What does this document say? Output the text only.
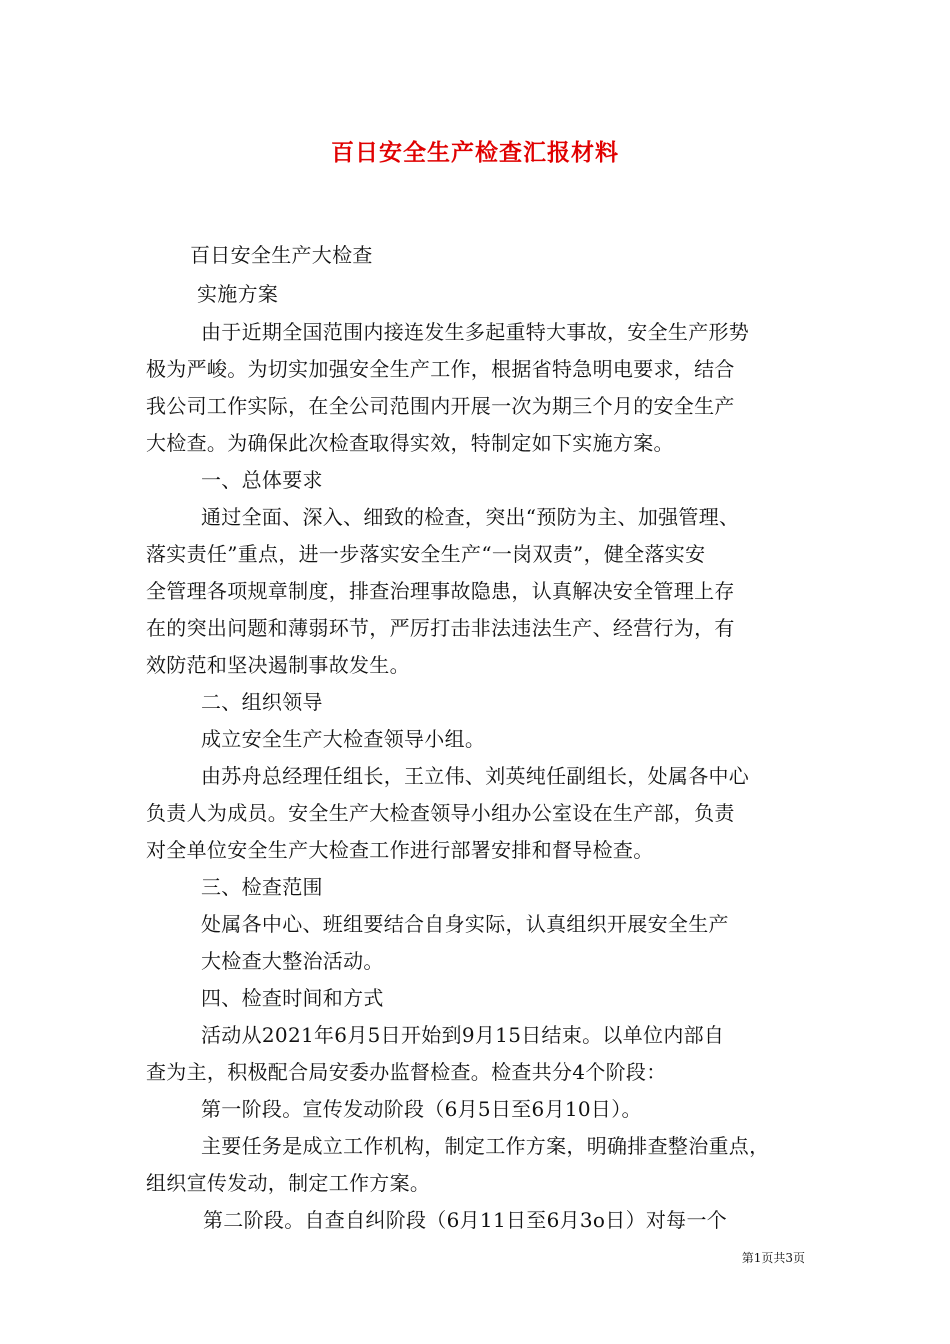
百日安全生产检查汇报材料
百日安全生产大检查
实施方案
由于近期全国范围内接连发生多起重特大事故，安全生产形势
极为严峻。为切实加强安全生产工作，根据省特急明电要求，结合
我公司工作实际，在全公司范围内开展一次为期三个月的安全生产
大检查。为确保此次检查取得实效，特制定如下实施方案。
一、总体要求
通过全面、深入、细致的检查，突出“预防为主、加强管理、
落实责任”重点，进一步落实安全生产“一岗双责”，健全落实安
全管理各项规章制度，排查治理事故隐患，认真解决安全管理上存
在的突出问题和薄弱环节，严厉打击非法违法生产、经营行为，有
效防范和坚决遏制事故发生。
二、组织领导
成立安全生产大检查领导小组。
由苏舟总经理任组长，王立伟、刘英纯任副组长，处属各中心
负责人为成员。安全生产大检查领导小组办公室设在生产部，负责
对全单位安全生产大检查工作进行部署安排和督导检查。
三、检查范围
处属各中心、班组要结合自身实际，认真组织开展安全生产
大检查大整治活动。
四、检查时间和方式
活动从2021年6月5日开始到9月15日结束。以单位内部自
查为主，积极配合局安委办监督检查。检查共分4个阶段：
第一阶段。宣传发动阶段（6月5日至6月10日）。
主要任务是成立工作机构，制定工作方案，明确排查整治重点，
组织宣传发动，制定工作方案。
第二阶段。自查自纠阶段（6月11日至6月3o日）对每一个
第1页共3页
